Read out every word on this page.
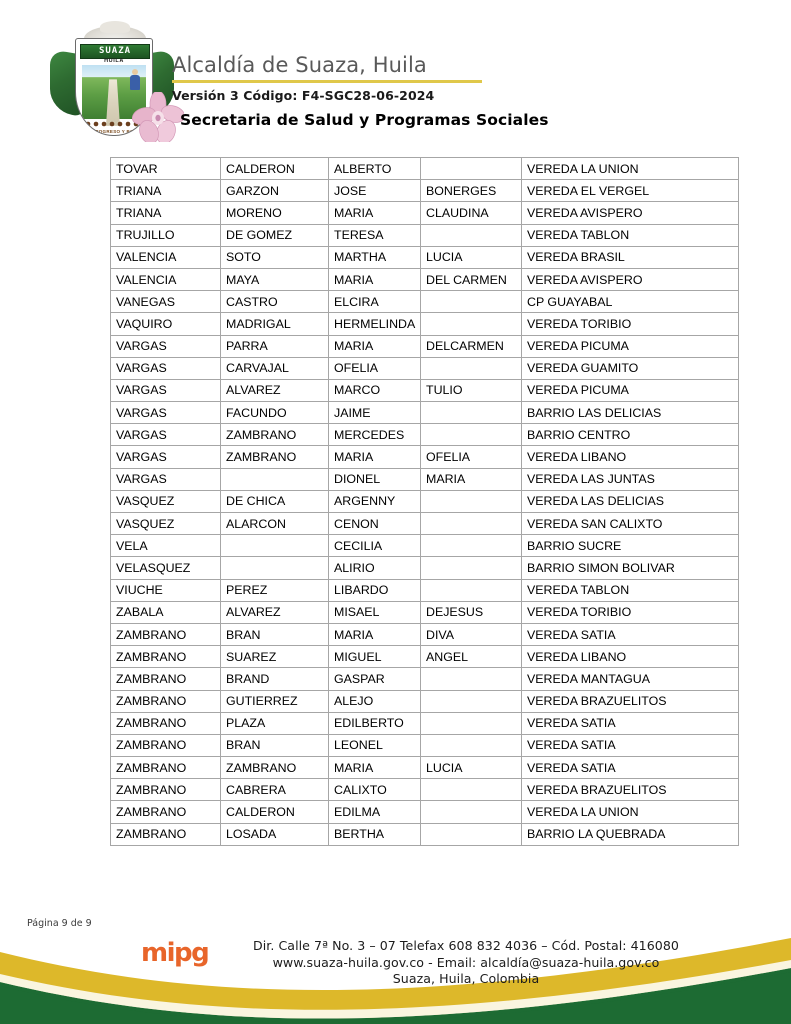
SUAZA
HUILA
PROGRESO Y PAZ
Alcaldía de Suaza, Huila
Versión 3 Código: F4-SGC28-06-2024
Secretaria de Salud y Programas Sociales
TOVAR	CALDERON	ALBERTO		VEREDA LA UNION
TRIANA	GARZON	JOSE	BONERGES	VEREDA EL VERGEL
TRIANA	MORENO	MARIA	CLAUDINA	VEREDA AVISPERO
TRUJILLO	DE GOMEZ	TERESA		VEREDA TABLON
VALENCIA	SOTO	MARTHA	LUCIA	VEREDA BRASIL
VALENCIA	MAYA	MARIA	DEL CARMEN	VEREDA AVISPERO
VANEGAS	CASTRO	ELCIRA		CP GUAYABAL
VAQUIRO	MADRIGAL	HERMELINDA		VEREDA TORIBIO
VARGAS	PARRA	MARIA	DELCARMEN	VEREDA PICUMA
VARGAS	CARVAJAL	OFELIA		VEREDA GUAMITO
VARGAS	ALVAREZ	MARCO	TULIO	VEREDA PICUMA
VARGAS	FACUNDO	JAIME		BARRIO LAS DELICIAS
VARGAS	ZAMBRANO	MERCEDES		BARRIO CENTRO
VARGAS	ZAMBRANO	MARIA	OFELIA	VEREDA LIBANO
VARGAS		DIONEL	MARIA	VEREDA LAS JUNTAS
VASQUEZ	DE CHICA	ARGENNY		VEREDA LAS DELICIAS
VASQUEZ	ALARCON	CENON		VEREDA SAN CALIXTO
VELA		CECILIA		BARRIO SUCRE
VELASQUEZ		ALIRIO		BARRIO SIMON BOLIVAR
VIUCHE	PEREZ	LIBARDO		VEREDA TABLON
ZABALA	ALVAREZ	MISAEL	DEJESUS	VEREDA TORIBIO
ZAMBRANO	BRAN	MARIA	DIVA	VEREDA SATIA
ZAMBRANO	SUAREZ	MIGUEL	ANGEL	VEREDA LIBANO
ZAMBRANO	BRAND	GASPAR		VEREDA MANTAGUA
ZAMBRANO	GUTIERREZ	ALEJO		VEREDA BRAZUELITOS
ZAMBRANO	PLAZA	EDILBERTO		VEREDA SATIA
ZAMBRANO	BRAN	LEONEL		VEREDA SATIA
ZAMBRANO	ZAMBRANO	MARIA	LUCIA	VEREDA SATIA
ZAMBRANO	CABRERA	CALIXTO		VEREDA BRAZUELITOS
ZAMBRANO	CALDERON	EDILMA		VEREDA LA UNION
ZAMBRANO	LOSADA	BERTHA		BARRIO LA QUEBRADA
Página 9 de 9
mipg	Dir. Calle 7ª No. 3 – 07 Telefax 608 832 4036 – Cód. Postal: 416080
www.suaza-huila.gov.co - Email: alcaldía@suaza-huila.gov.co
Suaza, Huila, Colombia
